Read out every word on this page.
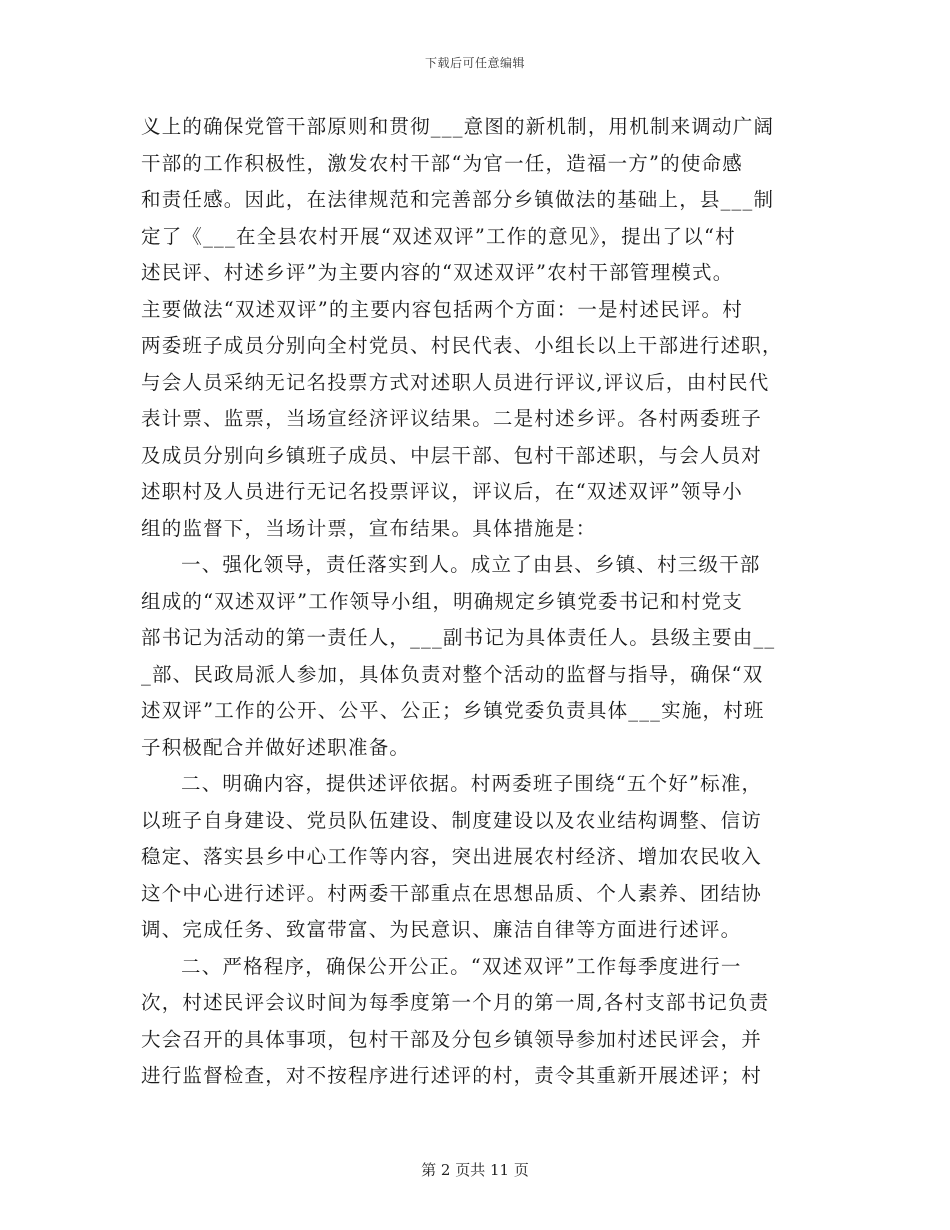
下载后可任意编辑
义上的确保党管干部原则和贯彻___意图的新机制，用机制来调动广阔
干部的工作积极性，激发农村干部“为官一任，造福一方”的使命感
和责任感。因此，在法律规范和完善部分乡镇做法的基础上，县___制
定了《___在全县农村开展“双述双评”工作的意见》，提出了以“村
述民评、村述乡评”为主要内容的“双述双评”农村干部管理模式。
主要做法“双述双评”的主要内容包括两个方面：一是村述民评。村
两委班子成员分别向全村党员、村民代表、小组长以上干部进行述职，
与会人员采纳无记名投票方式对述职人员进行评议,评议后，由村民代
表计票、监票，当场宣经济评议结果。二是村述乡评。各村两委班子
及成员分别向乡镇班子成员、中层干部、包村干部述职，与会人员对
述职村及人员进行无记名投票评议，评议后，在“双述双评”领导小
组的监督下，当场计票，宣布结果。具体措施是：
一、强化领导，责任落实到人。成立了由县、乡镇、村三级干部
组成的“双述双评”工作领导小组，明确规定乡镇党委书记和村党支
部书记为活动的第一责任人，___副书记为具体责任人。县级主要由__
_部、民政局派人参加，具体负责对整个活动的监督与指导，确保“双
述双评”工作的公开、公平、公正；乡镇党委负责具体___实施，村班
子积极配合并做好述职准备。
二、明确内容，提供述评依据。村两委班子围绕“五个好”标准，
以班子自身建设、党员队伍建设、制度建设以及农业结构调整、信访
稳定、落实县乡中心工作等内容，突出进展农村经济、增加农民收入
这个中心进行述评。村两委干部重点在思想品质、个人素养、团结协
调、完成任务、致富带富、为民意识、廉洁自律等方面进行述评。
二、严格程序，确保公开公正。“双述双评”工作每季度进行一
次，村述民评会议时间为每季度第一个月的第一周,各村支部书记负责
大会召开的具体事项，包村干部及分包乡镇领导参加村述民评会，并
进行监督检查，对不按程序进行述评的村，责令其重新开展述评；村
第 2 页共 11 页
